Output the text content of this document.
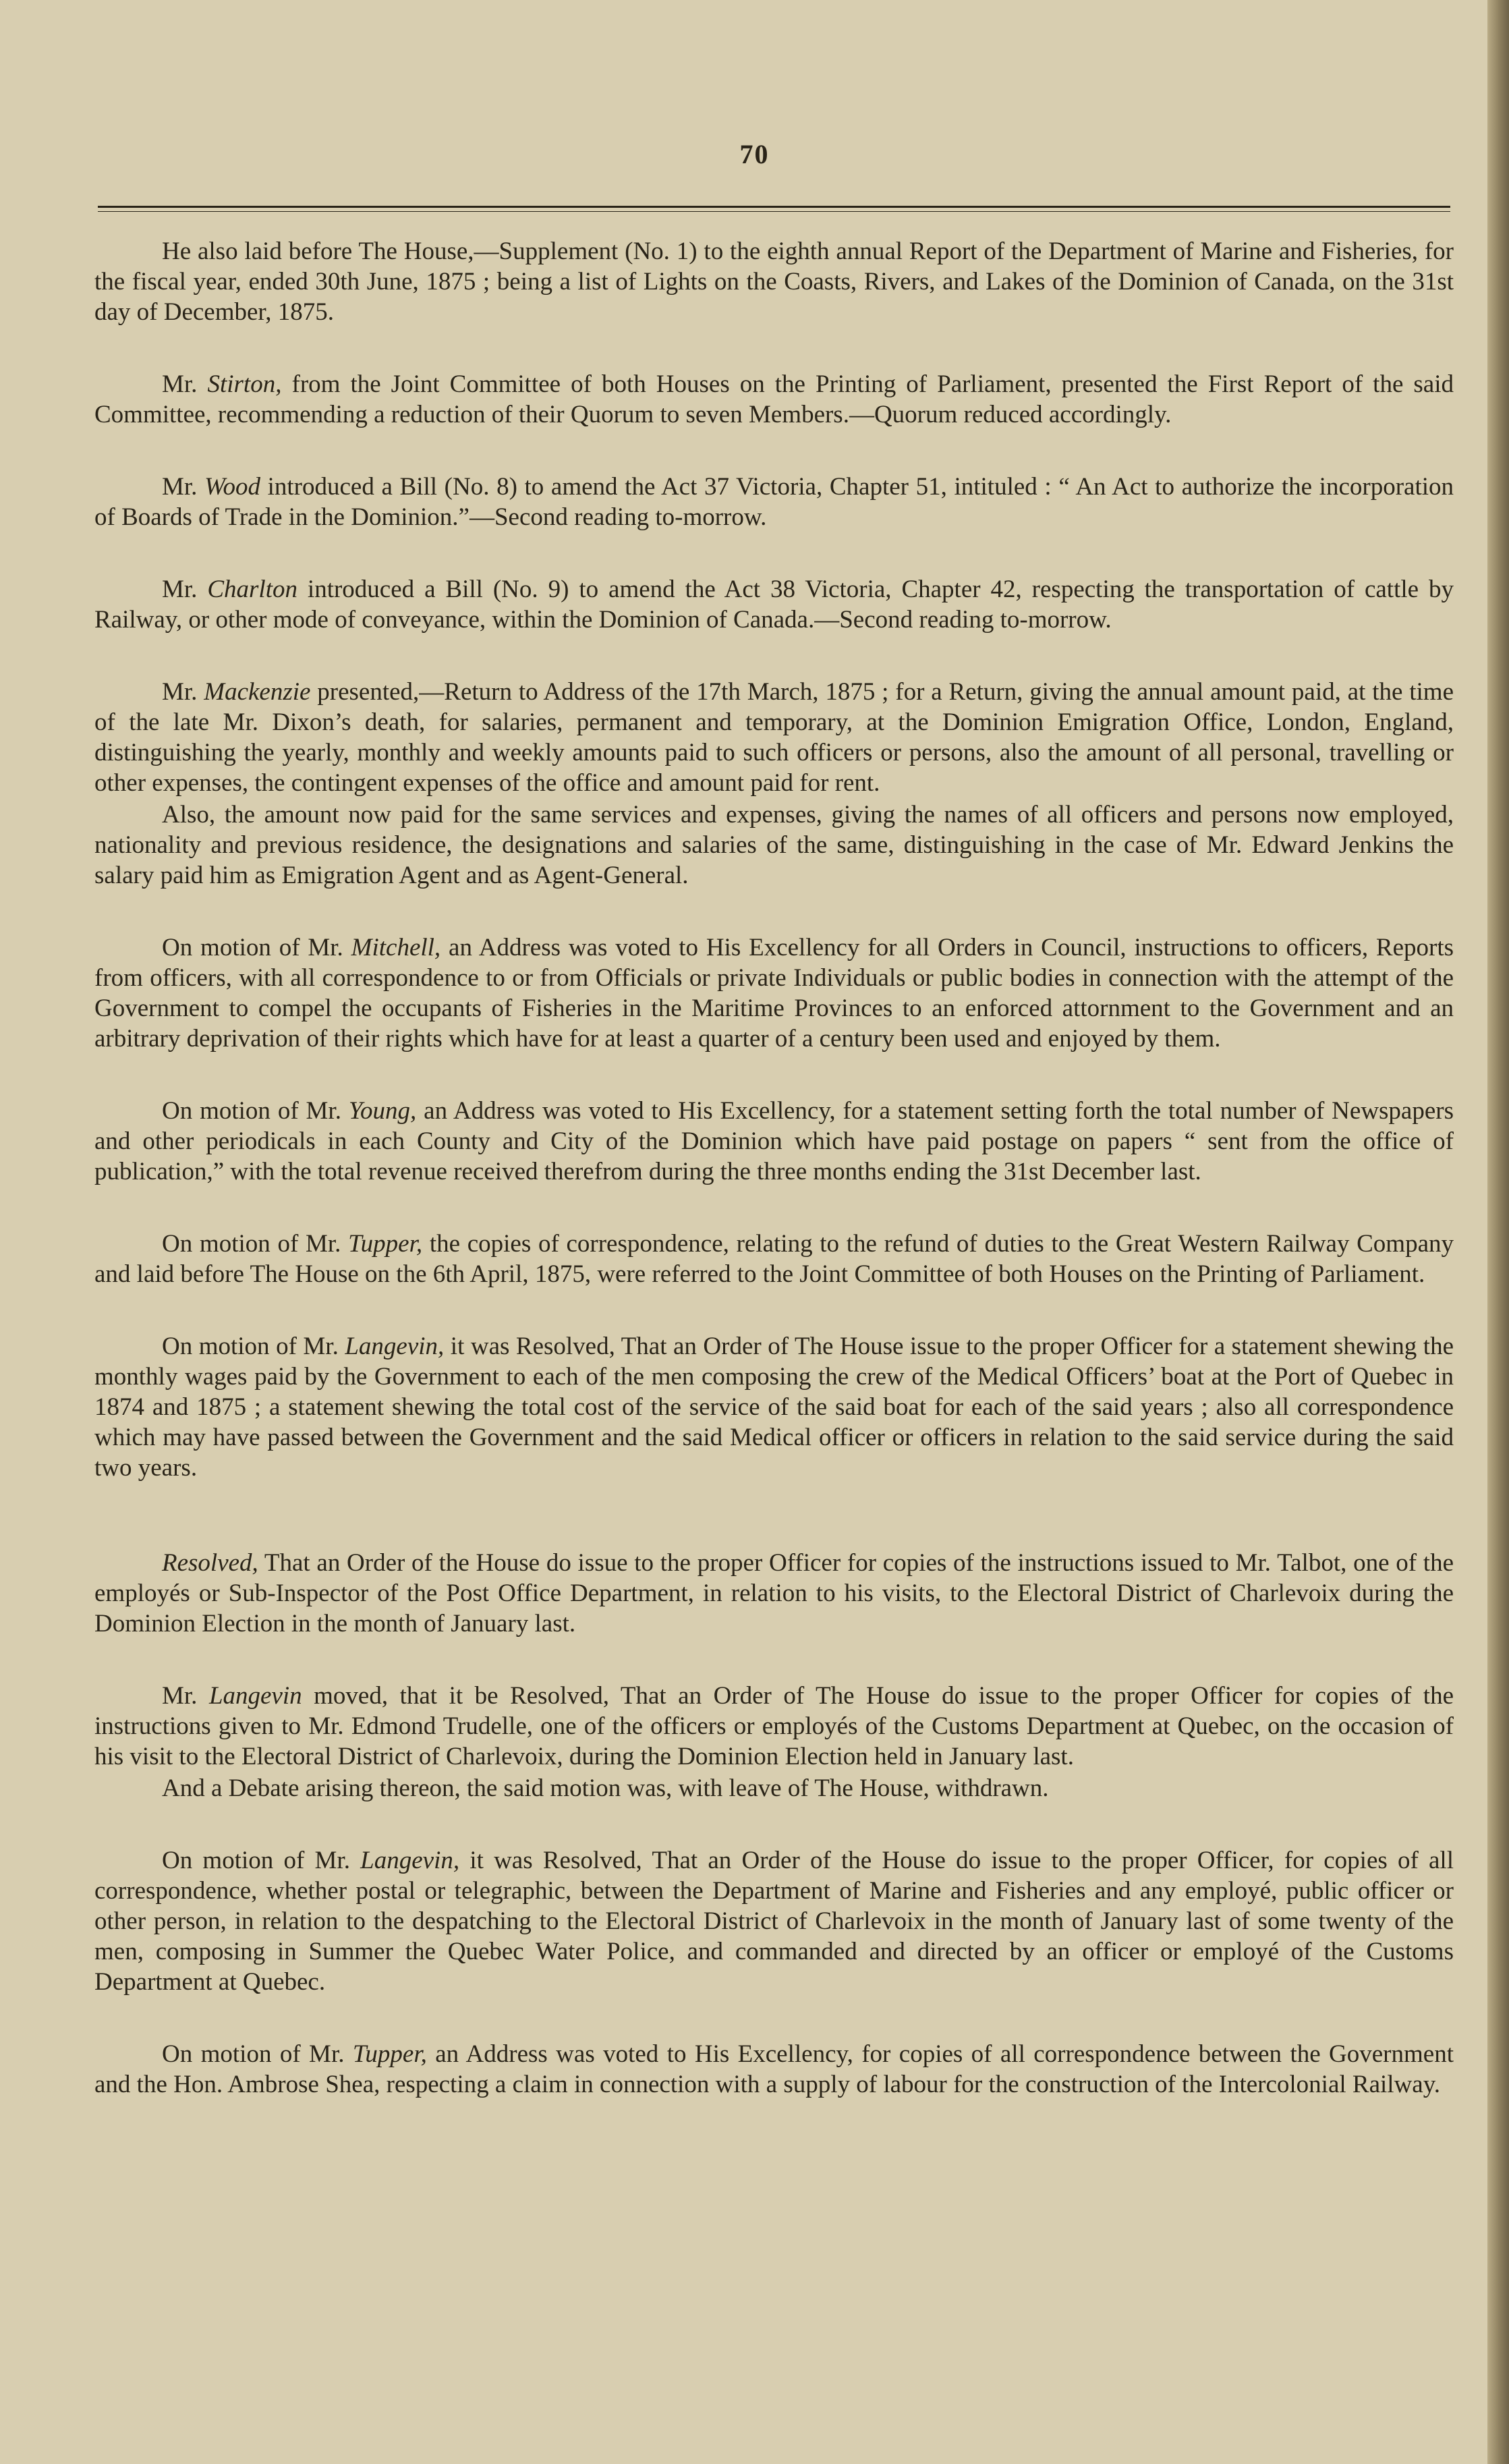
70

He also laid before The House,—Supplement (No. 1) to the eighth annual Report of the Department of Marine and Fisheries, for the fiscal year, ended 30th June, 1875 ; being a list of Lights on the Coasts, Rivers, and Lakes of the Dominion of Canada, on the 31st day of December, 1875.

Mr. Stirton, from the Joint Committee of both Houses on the Printing of Parliament, presented the First Report of the said Committee, recommending a reduction of their Quorum to seven Members.—Quorum reduced accordingly.

Mr. Wood introduced a Bill (No. 8) to amend the Act 37 Victoria, Chapter 51, intituled : “ An Act to authorize the incorporation of Boards of Trade in the Dominion.”—Second reading to-morrow.

Mr. Charlton introduced a Bill (No. 9) to amend the Act 38 Victoria, Chapter 42, respecting the transportation of cattle by Railway, or other mode of conveyance, within the Dominion of Canada.—Second reading to-morrow.

Mr. Mackenzie presented,—Return to Address of the 17th March, 1875 ; for a Return, giving the annual amount paid, at the time of the late Mr. Dixon’s death, for salaries, permanent and temporary, at the Dominion Emigration Office, London, England, distinguishing the yearly, monthly and weekly amounts paid to such officers or persons, also the amount of all personal, travelling or other expenses, the contingent expenses of the office and amount paid for rent.

Also, the amount now paid for the same services and expenses, giving the names of all officers and persons now employed, nationality and previous residence, the designations and salaries of the same, distinguishing in the case of Mr. Edward Jenkins the salary paid him as Emigration Agent and as Agent-General.

On motion of Mr. Mitchell, an Address was voted to His Excellency for all Orders in Council, instructions to officers, Reports from officers, with all correspondence to or from Officials or private Individuals or public bodies in connection with the attempt of the Government to compel the occupants of Fisheries in the Maritime Provinces to an enforced attornment to the Government and an arbitrary deprivation of their rights which have for at least a quarter of a century been used and enjoyed by them.

On motion of Mr. Young, an Address was voted to His Excellency, for a statement setting forth the total number of Newspapers and other periodicals in each County and City of the Dominion which have paid postage on papers “ sent from the office of publication,” with the total revenue received therefrom during the three months ending the 31st December last.

On motion of Mr. Tupper, the copies of correspondence, relating to the refund of duties to the Great Western Railway Company and laid before The House on the 6th April, 1875, were referred to the Joint Committee of both Houses on the Printing of Parliament.

On motion of Mr. Langevin, it was Resolved, That an Order of The House issue to the proper Officer for a statement shewing the monthly wages paid by the Government to each of the men composing the crew of the Medical Officers’ boat at the Port of Quebec in 1874 and 1875 ; a statement shewing the total cost of the service of the said boat for each of the said years ; also all correspondence which may have passed between the Government and the said Medical officer or officers in relation to the said service during the said two years.

Resolved, That an Order of the House do issue to the proper Officer for copies of the instructions issued to Mr. Talbot, one of the employés or Sub-Inspector of the Post Office Department, in relation to his visits, to the Electoral District of Charlevoix during the Dominion Election in the month of January last.

Mr. Langevin moved, that it be Resolved, That an Order of The House do issue to the proper Officer for copies of the instructions given to Mr. Edmond Trudelle, one of the officers or employés of the Customs Department at Quebec, on the occasion of his visit to the Electoral District of Charlevoix, during the Dominion Election held in January last.

And a Debate arising thereon, the said motion was, with leave of The House, withdrawn.

On motion of Mr. Langevin, it was Resolved, That an Order of the House do issue to the proper Officer, for copies of all correspondence, whether postal or telegraphic, between the Department of Marine and Fisheries and any employé, public officer or other person, in relation to the despatching to the Electoral District of Charlevoix in the month of January last of some twenty of the men, composing in Summer the Quebec Water Police, and commanded and directed by an officer or employé of the Customs Department at Quebec.

On motion of Mr. Tupper, an Address was voted to His Excellency, for copies of all correspondence between the Government and the Hon. Ambrose Shea, respecting a claim in connection with a supply of labour for the construction of the Intercolonial Railway.
